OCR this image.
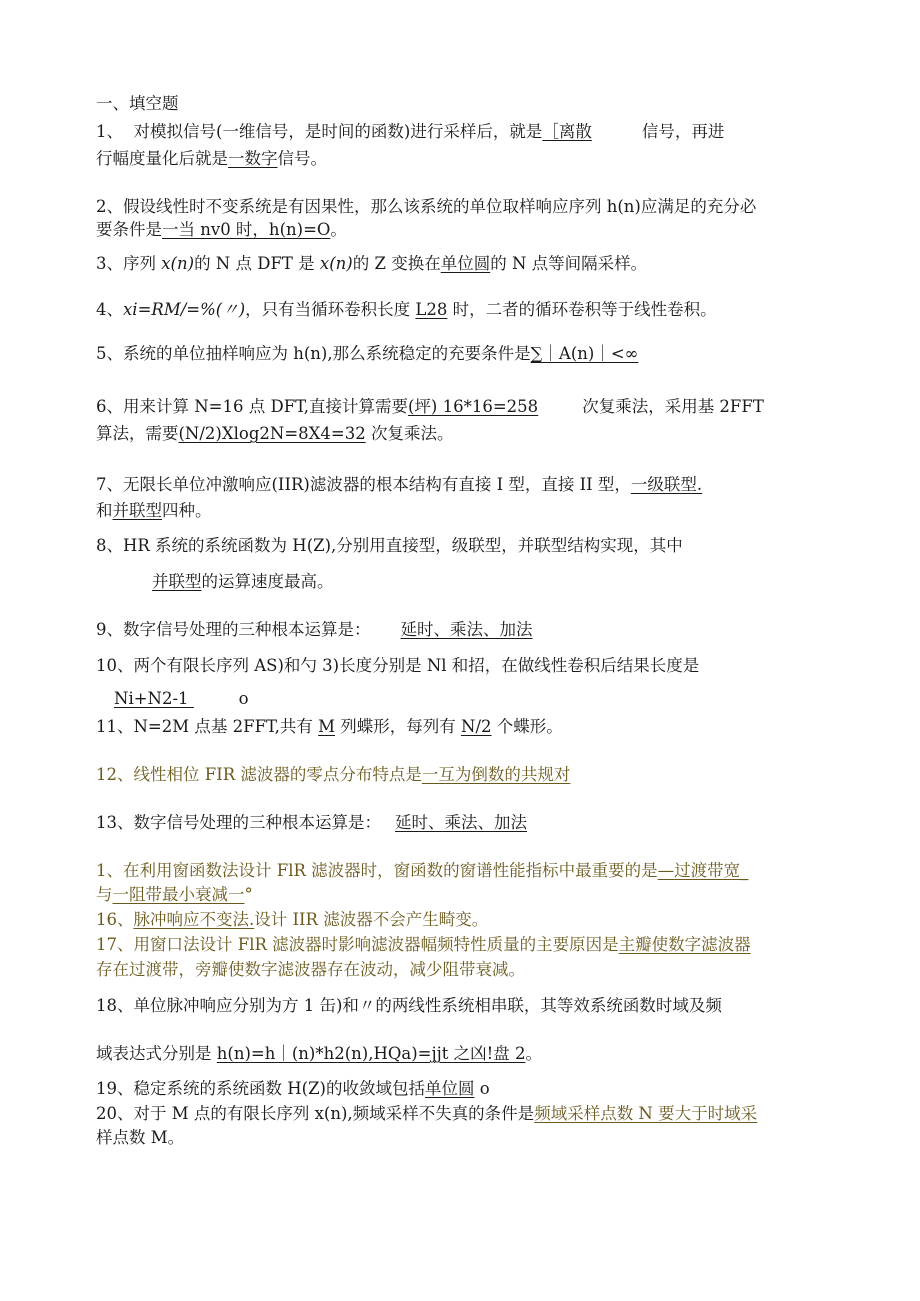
一、填空题
1、  对模拟信号(一维信号，是时间的函数)进行采样后，就是［离散	信号，再进
行幅度量化后就是一数字信号。
2、假设线性时不变系统是有因果性，那么该系统的单位取样响应序列 h(n)应满足的充分必
要条件是一当 nv0 时，h(n)=O。
3、序列 x(n)的 N 点 DFT 是 x(n)的 Z 变换在单位圆的 N 点等间隔采样。
4、xi=RM/=%(〃)，只有当循环卷积长度 L28 时，二者的循环卷积等于线性卷积。
5、系统的单位抽样响应为 h(n),那么系统稳定的充要条件是∑｜A(n)｜<∞
6、用来计算 N=16 点 DFT,直接计算需要(坪) 16*16=258	次复乘法，采用基 2FFT
算法，需要(N/2)Xlog2N=8X4=32 次复乘法。
7、无限长单位冲激响应(IIR)滤波器的根本结构有直接 I 型，直接 II 型，一级联型.
和并联型四种。
8、HR 系统的系统函数为 H(Z),分别用直接型，级联型，并联型结构实现，其中
并联型的运算速度最高。
9、数字信号处理的三种根本运算是： 延时、乘法、加法
10、两个有限长序列 AS)和勺 3)长度分别是 Nl 和招，在做线性卷积后结果长度是
Ni+N2-1	o
11、N=2M 点基 2FFT,共有 M 列蝶形，每列有 N/2 个蝶形。
12、线性相位 FIR 滤波器的零点分布特点是一互为倒数的共规对
13、数字信号处理的三种根本运算是： 延时、乘法、加法
1、在利用窗函数法设计 FlR 滤波器时，窗函数的窗谱性能指标中最重要的是—过渡带宽_
与一阻带最小衰减一°
16、脉冲响应不变法.设计 IIR 滤波器不会产生畸变。
17、用窗口法设计 FlR 滤波器时影响滤波器幅频特性质量的主要原因是主瓣使数字滤波器
存在过渡带，旁瓣使数字滤波器存在波动，减少阻带衰减。
18、单位脉冲响应分别为方 1 缶)和〃的两线性系统相串联，其等效系统函数时域及频
域表达式分别是 h(n)=h｜(n)*h2(n),HQa)=jjt 之凶!盘 2。
19、稳定系统的系统函数 H(Z)的收敛域包括单位圆 o
20、对于 M 点的有限长序列 x(n),频域采样不失真的条件是频域采样点数 N 要大于时域采
样点数 M。
